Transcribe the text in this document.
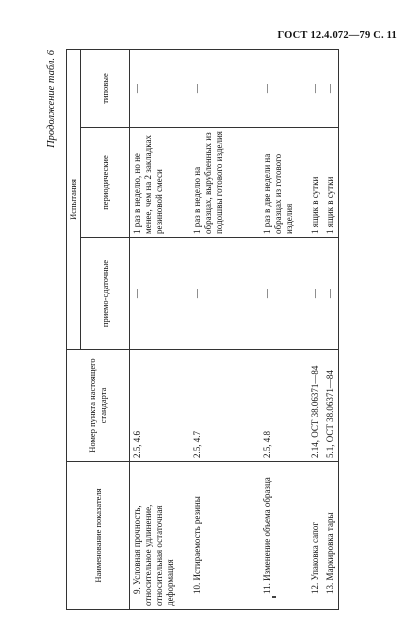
ГОСТ 12.4.072—79 С. 11
Продолжение табл. 6
Наименование показателя	Номер пункта настоящего стандарта	Испытания		
		приемо-сдаточные	периодические	типовые
9. Условная прочность, относительное удлинение, относительная остаточная деформация	2.5, 4.6	—	1 раз в неделю, но не менее, чем на 2 закладках резиновой смеси	—
10. Истираемость резины	2.5, 4.7	—	1 раз в неделю на образцах, вырубленных из подошвы готового изделия	—
11. Изменение объема образца	2.5, 4.8	—	1 раз в две недели на образцах из готового изделия	—
12. Упаковка сапог	2.14, ОСТ 38.06371—84	—	1 ящик в сутки	—
13. Маркировка тары	5.1, ОСТ 38.06371—84	—	1 ящик в сутки	—
